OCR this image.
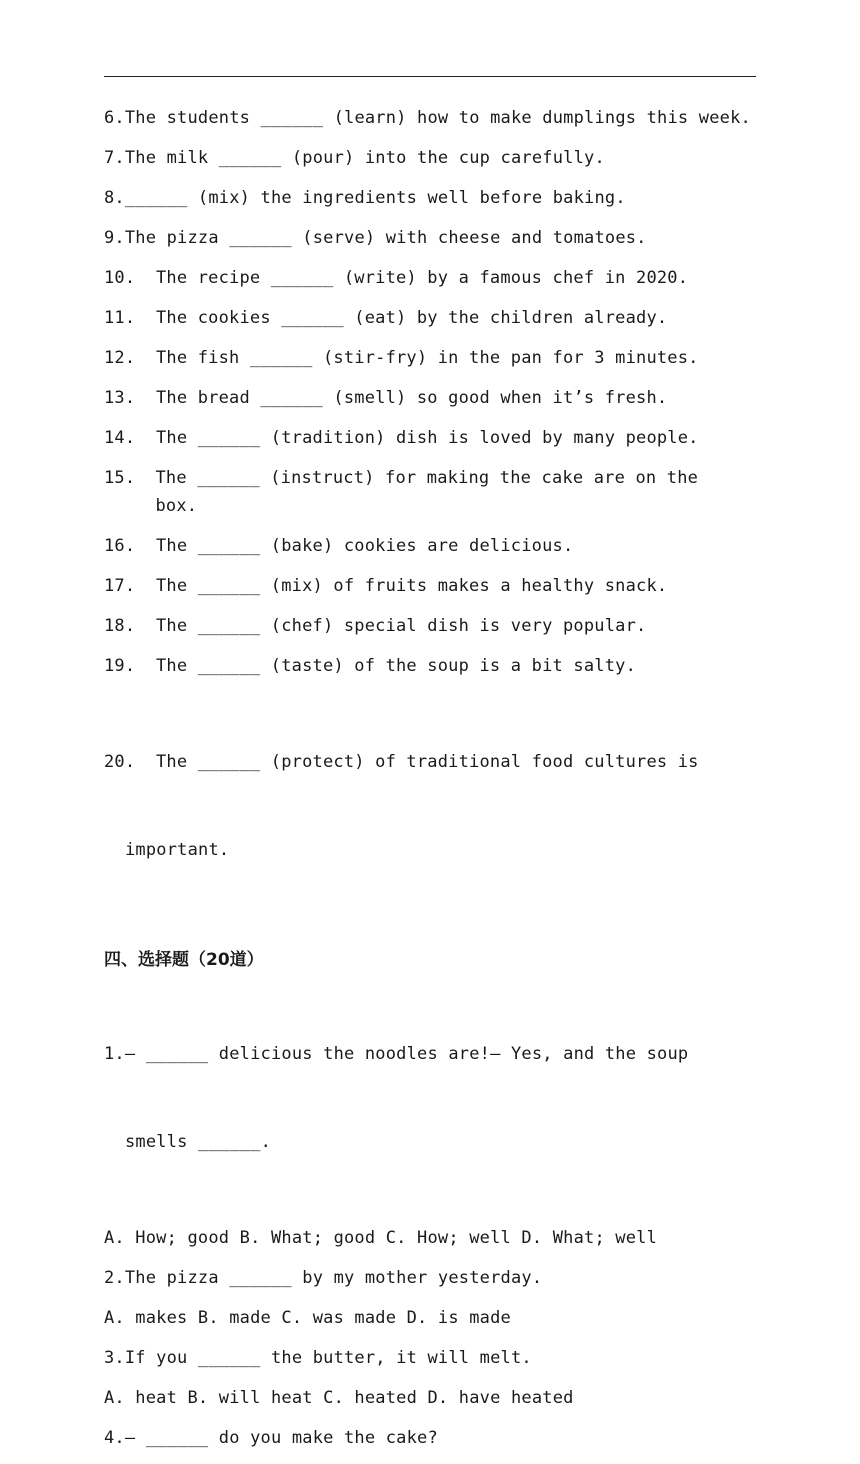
6.The students ______ (learn) how to make dumplings this week.
7.The milk ______ (pour) into the cup carefully.
8.______ (mix) the ingredients well before baking.
9.The pizza ______ (serve) with cheese and tomatoes.
10.	The recipe ______ (write) by a famous chef in 2020.
11.	The cookies ______ (eat) by the children already.
12.	The fish ______ (stir-fry) in the pan for 3 minutes.
13.	The bread ______ (smell) so good when it’s fresh.
14.	The ______ (tradition) dish is loved by many people.
15.	The ______ (instruct) for making the cake are on the box.
16.	The ______ (bake) cookies are delicious.
17.	The ______ (mix) of fruits makes a healthy snack.
18.	The ______ (chef) special dish is very popular.
19.	The ______ (taste) of the soup is a bit salty.

20.	The ______ (protect) of traditional food cultures is

important.

四、选择题（20道）

1.— ______ delicious the noodles are!— Yes, and the soup

smells ______.

A. How; good B. What; good C. How; well D. What; well
2.The pizza ______ by my mother yesterday.
A. makes B. made C. was made D. is made
3.If you ______ the butter, it will melt.
A. heat B. will heat C. heated D. have heated
4.— ______ do you make the cake?
